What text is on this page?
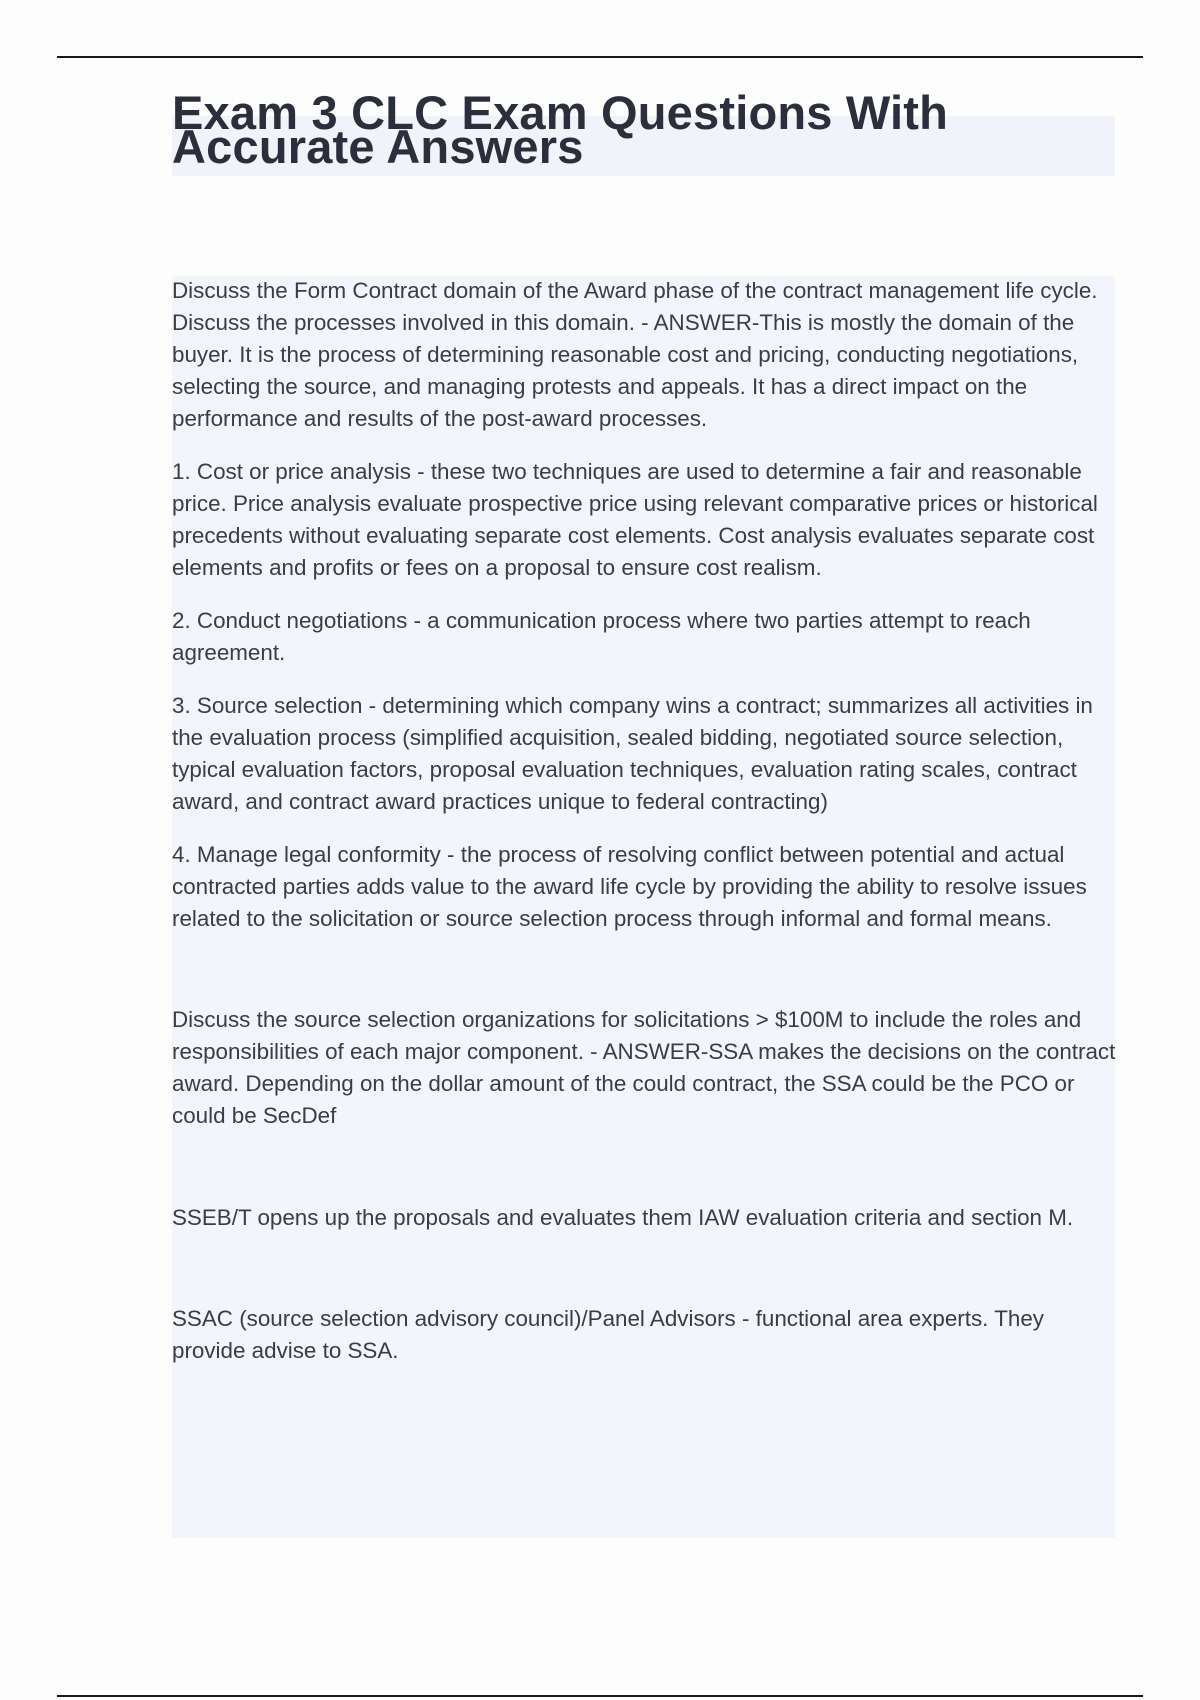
Exam 3 CLC Exam Questions With Accurate Answers

Discuss the Form Contract domain of the Award phase of the contract management life cycle. Discuss the processes involved in this domain. - ANSWER-This is mostly the domain of the buyer. It is the process of determining reasonable cost and pricing, conducting negotiations, selecting the source, and managing protests and appeals. It has a direct impact on the performance and results of the post-award processes.

1. Cost or price analysis - these two techniques are used to determine a fair and reasonable price. Price analysis evaluate prospective price using relevant comparative prices or historical precedents without evaluating separate cost elements. Cost analysis evaluates separate cost elements and profits or fees on a proposal to ensure cost realism.

2. Conduct negotiations - a communication process where two parties attempt to reach agreement.

3. Source selection - determining which company wins a contract; summarizes all activities in the evaluation process (simplified acquisition, sealed bidding, negotiated source selection, typical evaluation factors, proposal evaluation techniques, evaluation rating scales, contract award, and contract award practices unique to federal contracting)

4. Manage legal conformity - the process of resolving conflict between potential and actual contracted parties adds value to the award life cycle by providing the ability to resolve issues related to the solicitation or source selection process through informal and formal means.

Discuss the source selection organizations for solicitations > $100M to include the roles and responsibilities of each major component. - ANSWER-SSA makes the decisions on the contract award. Depending on the dollar amount of the could contract, the SSA could be the PCO or could be SecDef

SSEB/T opens up the proposals and evaluates them IAW evaluation criteria and section M.

SSAC (source selection advisory council)/Panel Advisors - functional area experts. They provide advise to SSA.
